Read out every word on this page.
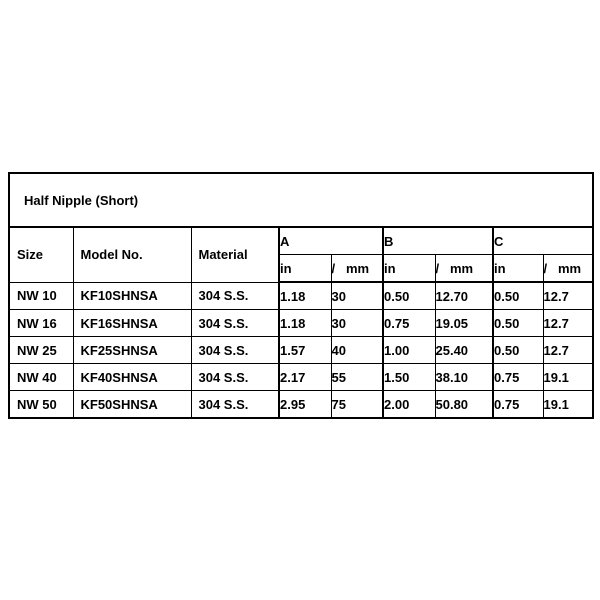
Half Nipple (Short)								
Size	Model No.	Material	A		B		C	
			in	/   mm	in	/   mm	in	/   mm
NW 10	KF10SHNSA	304 S.S.	1.18	30	0.50	12.70	0.50	12.7
NW 16	KF16SHNSA	304 S.S.	1.18	30	0.75	19.05	0.50	12.7
NW 25	KF25SHNSA	304 S.S.	1.57	40	1.00	25.40	0.50	12.7
NW 40	KF40SHNSA	304 S.S.	2.17	55	1.50	38.10	0.75	19.1
NW 50	KF50SHNSA	304 S.S.	2.95	75	2.00	50.80	0.75	19.1
